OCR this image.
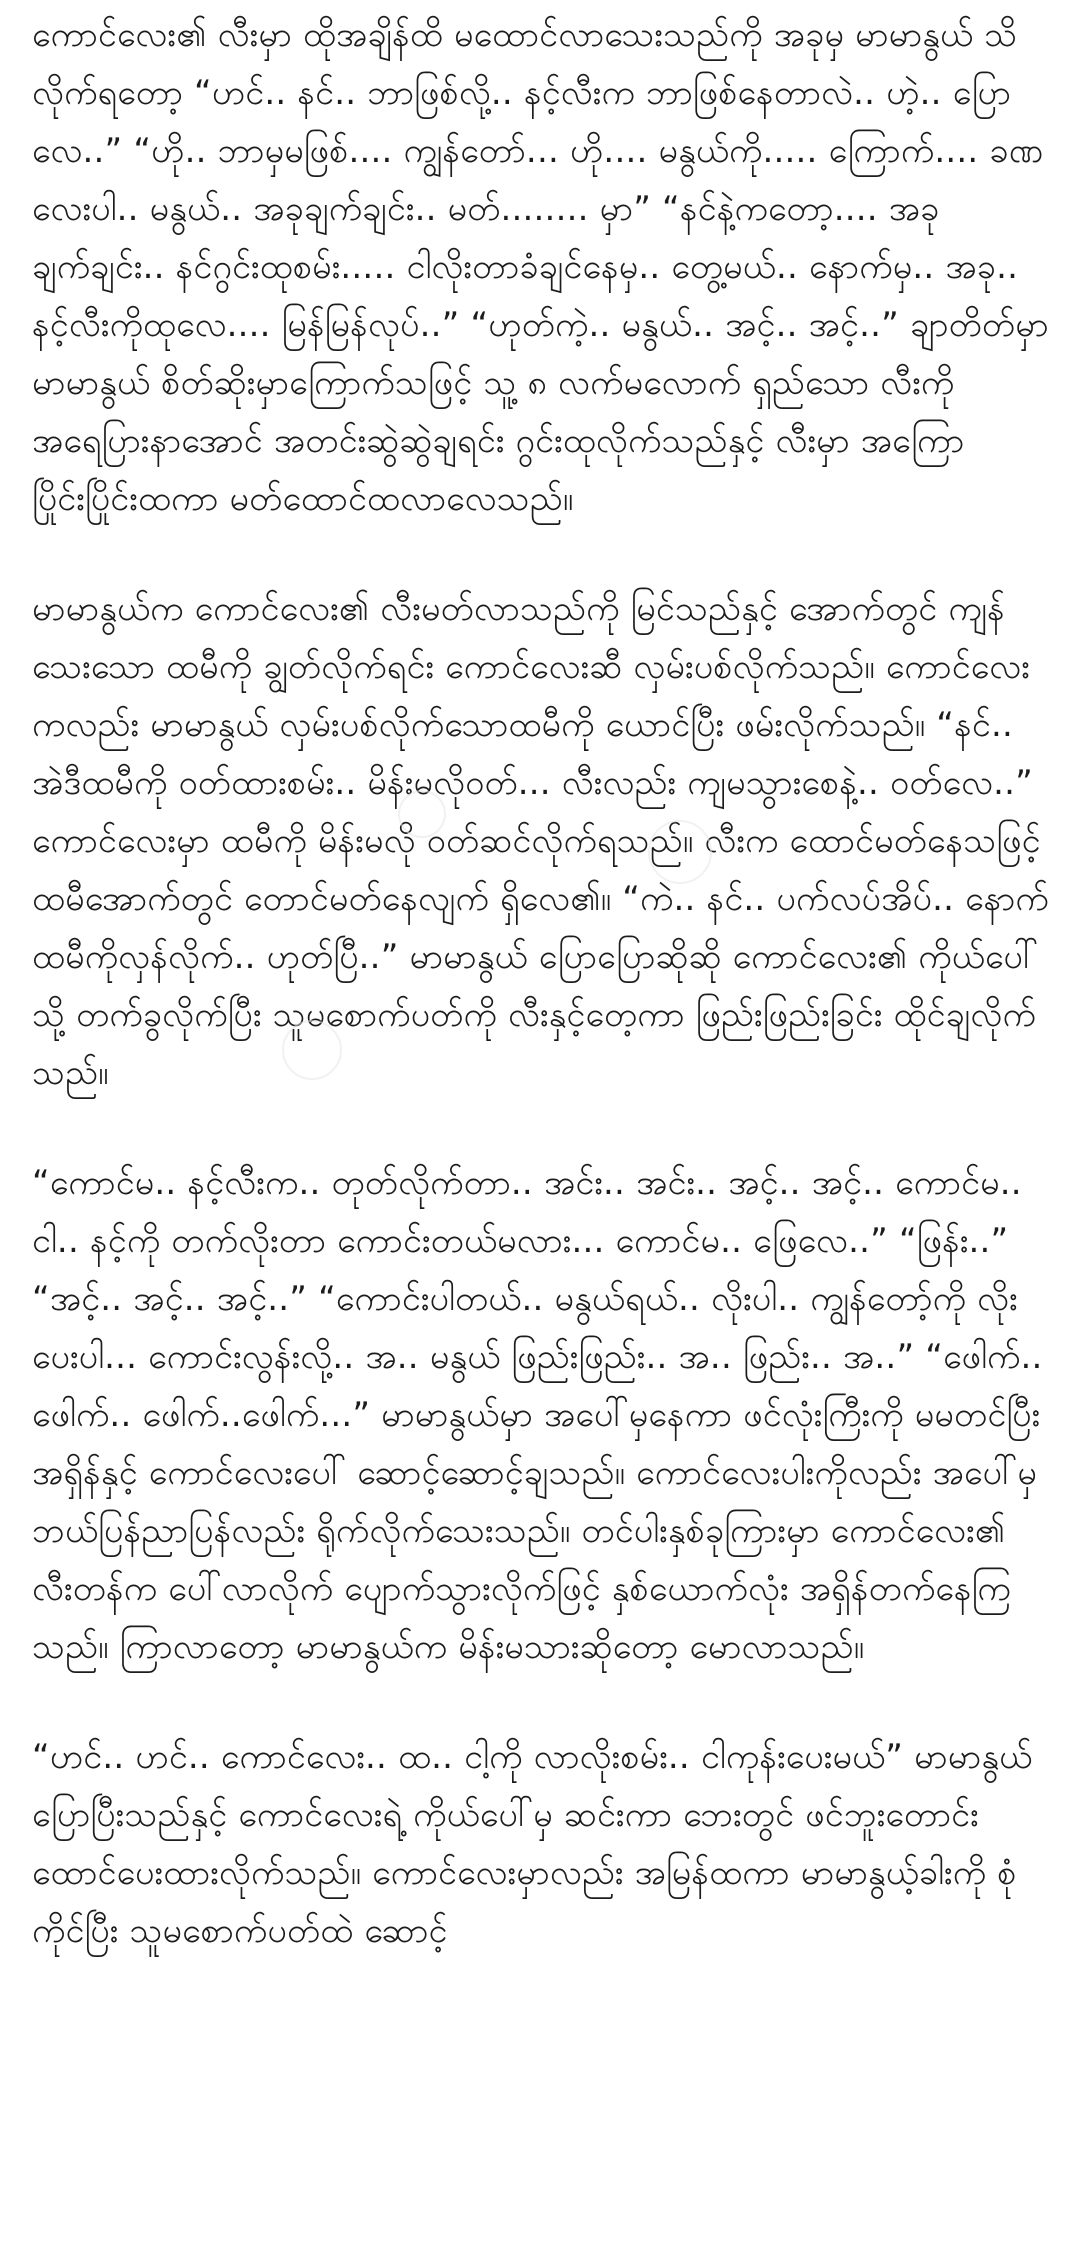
ကောင်လေး၏ လီးမှာ ထိုအချိန်ထိ မထောင်လာသေးသည်ကို အခုမှ မာမာနွယ် သိလိုက်ရတော့ “ဟင်.. နင်.. ဘာဖြစ်လို့.. နင့်လီးက ဘာဖြစ်နေတာလဲ.. ဟဲ့.. ပြောလေ..” “ဟို.. ဘာမှမဖြစ်.... ကျွန်တော်... ဟို.... မနွယ်ကို..... ကြောက်.... ခဏလေးပါ.. မနွယ်.. အခုချက်ချင်း.. မတ်........ မှာ” “နင်နဲ့ကတော့.... အခုချက်ချင်း.. နင်ဂွင်းထုစမ်း..... ငါလိုးတာခံချင်နေမှ.. တွေ့မယ်.. နောက်မှ.. အခု.. နင့်လီးကိုထုလေ.... မြန်မြန်လုပ်..” “ဟုတ်ကဲ့.. မနွယ်.. အင့်.. အင့်..” ချာတိတ်မှာ မာမာနွယ် စိတ်ဆိုးမှာကြောက်သဖြင့် သူ့ ၈ လက်မလောက် ရှည်သော လီးကို အရေပြားနာအောင် အတင်းဆွဲဆွဲချရင်း ဂွင်းထုလိုက်သည်နှင့် လီးမှာ အကြောပြိုင်းပြိုင်းထကာ မတ်ထောင်ထလာလေသည်။

မာမာနွယ်က ကောင်လေး၏ လီးမတ်လာသည်ကို မြင်သည်နှင့် အောက်တွင် ကျန်သေးသော ထမီကို ချွတ်လိုက်ရင်း ကောင်လေးဆီ လှမ်းပစ်လိုက်သည်။ ကောင်လေးကလည်း မာမာနွယ် လှမ်းပစ်လိုက်သောထမီကို ယောင်ပြီး ဖမ်းလိုက်သည်။ “နင်.. အဲဒီထမီကို ဝတ်ထားစမ်း.. မိန်းမလိုဝတ်... လီးလည်း ကျမသွားစေနဲ့.. ဝတ်လေ..” ကောင်လေးမှာ ထမီကို မိန်းမလို ဝတ်ဆင်လိုက်ရသည်။ လီးက ထောင်မတ်နေသဖြင့် ထမီအောက်တွင် တောင်မတ်နေလျက် ရှိလေ၏။ “ကဲ.. နင်.. ပက်လပ်အိပ်.. နောက် ထမီကိုလှန်လိုက်.. ဟုတ်ပြီ..” မာမာနွယ် ပြောပြောဆိုဆို ကောင်လေး၏ ကိုယ်ပေါ်သို့ တက်ခွလိုက်ပြီး သူမစောက်ပတ်ကို လီးနှင့်တေ့ကာ ဖြည်းဖြည်းခြင်း ထိုင်ချလိုက်သည်။

“ကောင်မ.. နင့်လီးက.. တုတ်လိုက်တာ.. အင်း.. အင်း.. အင့်.. အင့်.. ကောင်မ.. ငါ.. နင့်ကို တက်လိုးတာ ကောင်းတယ်မလား... ကောင်မ.. ဖြေလေ..” “ဖြန်း..” “အင့်.. အင့်.. အင့်..” “ကောင်းပါတယ်.. မနွယ်ရယ်.. လိုးပါ.. ကျွန်တော့်ကို လိုးပေးပါ... ကောင်းလွန်းလို့.. အ.. မနွယ် ဖြည်းဖြည်း.. အ.. ဖြည်း.. အ..” “ဖေါက်.. ဖေါက်.. ဖေါက်..ဖေါက်...” မာမာနွယ်မှာ အပေါ်မှနေကာ ဖင်လုံးကြီးကို မမတင်ပြီး အရှိန်နှင့် ကောင်လေးပေါ် ဆောင့်ဆောင့်ချသည်။ ကောင်လေးပါးကိုလည်း အပေါ်မှ ဘယ်ပြန်ညာပြန်လည်း ရိုက်လိုက်သေးသည်။ တင်ပါးနှစ်ခုကြားမှာ ကောင်လေး၏ လီးတန်က ပေါ်လာလိုက် ပျောက်သွားလိုက်ဖြင့် နှစ်ယောက်လုံး အရှိန်တက်နေကြသည်။ ကြာလာတော့ မာမာနွယ်က မိန်းမသားဆိုတော့ မောလာသည်။

“ဟင်.. ဟင်.. ကောင်လေး.. ထ.. ငါ့ကို လာလိုးစမ်း.. ငါကုန်းပေးမယ်” မာမာနွယ် ပြောပြီးသည်နှင့် ကောင်လေးရဲ့ ကိုယ်ပေါ်မှ ဆင်းကာ ဘေးတွင် ဖင်ဘူးတောင်း ထောင်ပေးထားလိုက်သည်။ ကောင်လေးမှာလည်း အမြန်ထကာ မာမာနွယ့်ခါးကို စုံကိုင်ပြီး သူမစောက်ပတ်ထဲ ဆောင့်
